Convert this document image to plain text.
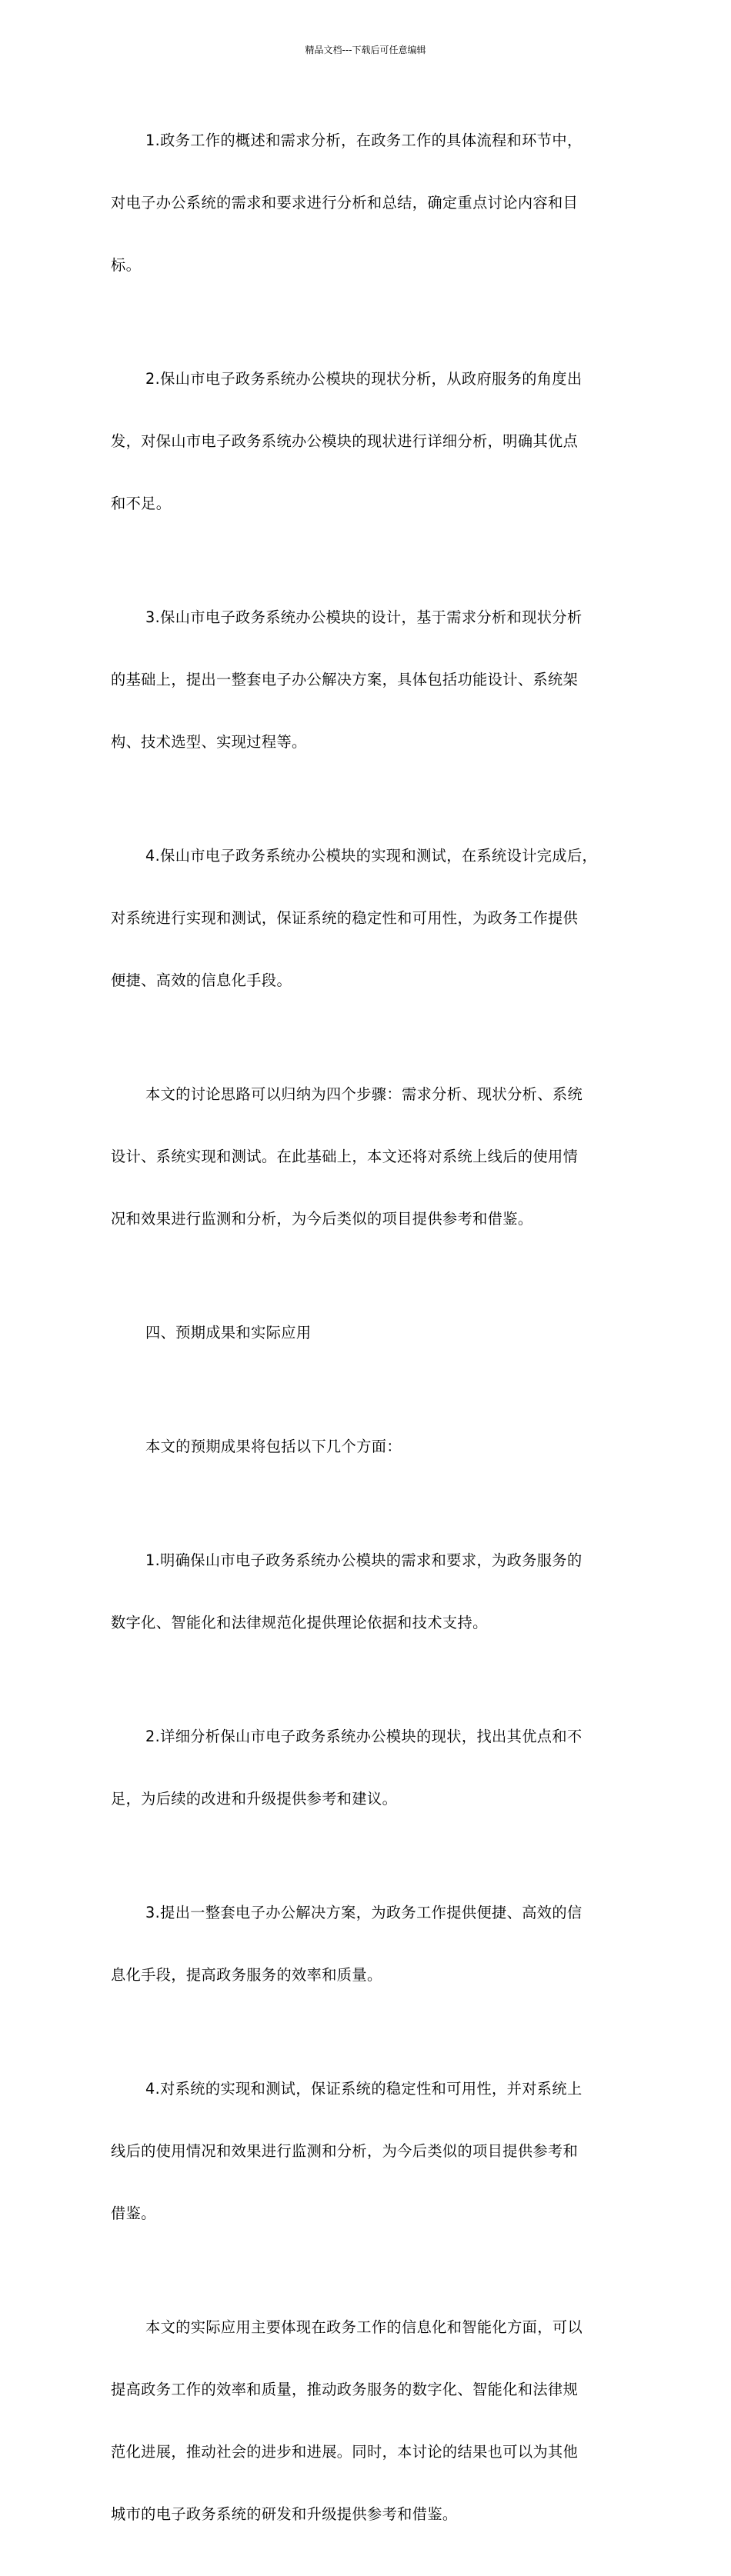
精品文档---下载后可任意编辑

1.政务工作的概述和需求分析，在政务工作的具体流程和环节中，

对电子办公系统的需求和要求进行分析和总结，确定重点讨论内容和目

标。

2.保山市电子政务系统办公模块的现状分析，从政府服务的角度出

发，对保山市电子政务系统办公模块的现状进行详细分析，明确其优点

和不足。

3.保山市电子政务系统办公模块的设计，基于需求分析和现状分析

的基础上，提出一整套电子办公解决方案，具体包括功能设计、系统架

构、技术选型、实现过程等。

4.保山市电子政务系统办公模块的实现和测试，在系统设计完成后，

对系统进行实现和测试，保证系统的稳定性和可用性，为政务工作提供

便捷、高效的信息化手段。

本文的讨论思路可以归纳为四个步骤：需求分析、现状分析、系统

设计、系统实现和测试。在此基础上，本文还将对系统上线后的使用情

况和效果进行监测和分析，为今后类似的项目提供参考和借鉴。

四、预期成果和实际应用

本文的预期成果将包括以下几个方面：

1.明确保山市电子政务系统办公模块的需求和要求，为政务服务的

数字化、智能化和法律规范化提供理论依据和技术支持。

2.详细分析保山市电子政务系统办公模块的现状，找出其优点和不

足，为后续的改进和升级提供参考和建议。

3.提出一整套电子办公解决方案，为政务工作提供便捷、高效的信

息化手段，提高政务服务的效率和质量。

4.对系统的实现和测试，保证系统的稳定性和可用性，并对系统上

线后的使用情况和效果进行监测和分析，为今后类似的项目提供参考和

借鉴。

本文的实际应用主要体现在政务工作的信息化和智能化方面，可以

提高政务工作的效率和质量，推动政务服务的数字化、智能化和法律规

范化进展，推动社会的进步和进展。同时，本讨论的结果也可以为其他

城市的电子政务系统的研发和升级提供参考和借鉴。
